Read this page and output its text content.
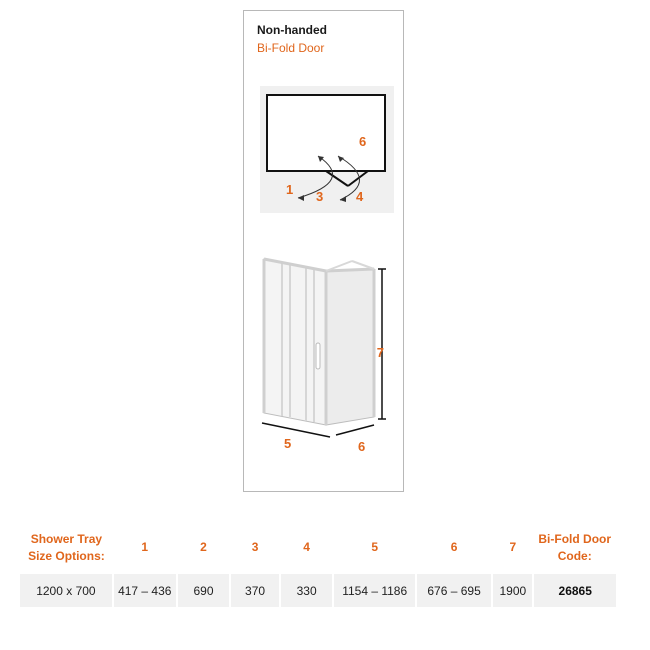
Non-handed
Bi-Fold Door
1 3	4
6
7
5	6
Shower Tray
Size Options:	1	2	3	4	5	6	7	Bi-Fold Door
Code:
1200 x 700	417 – 436	690	370	330	1154 – 1186	676 – 695	1900	26865
